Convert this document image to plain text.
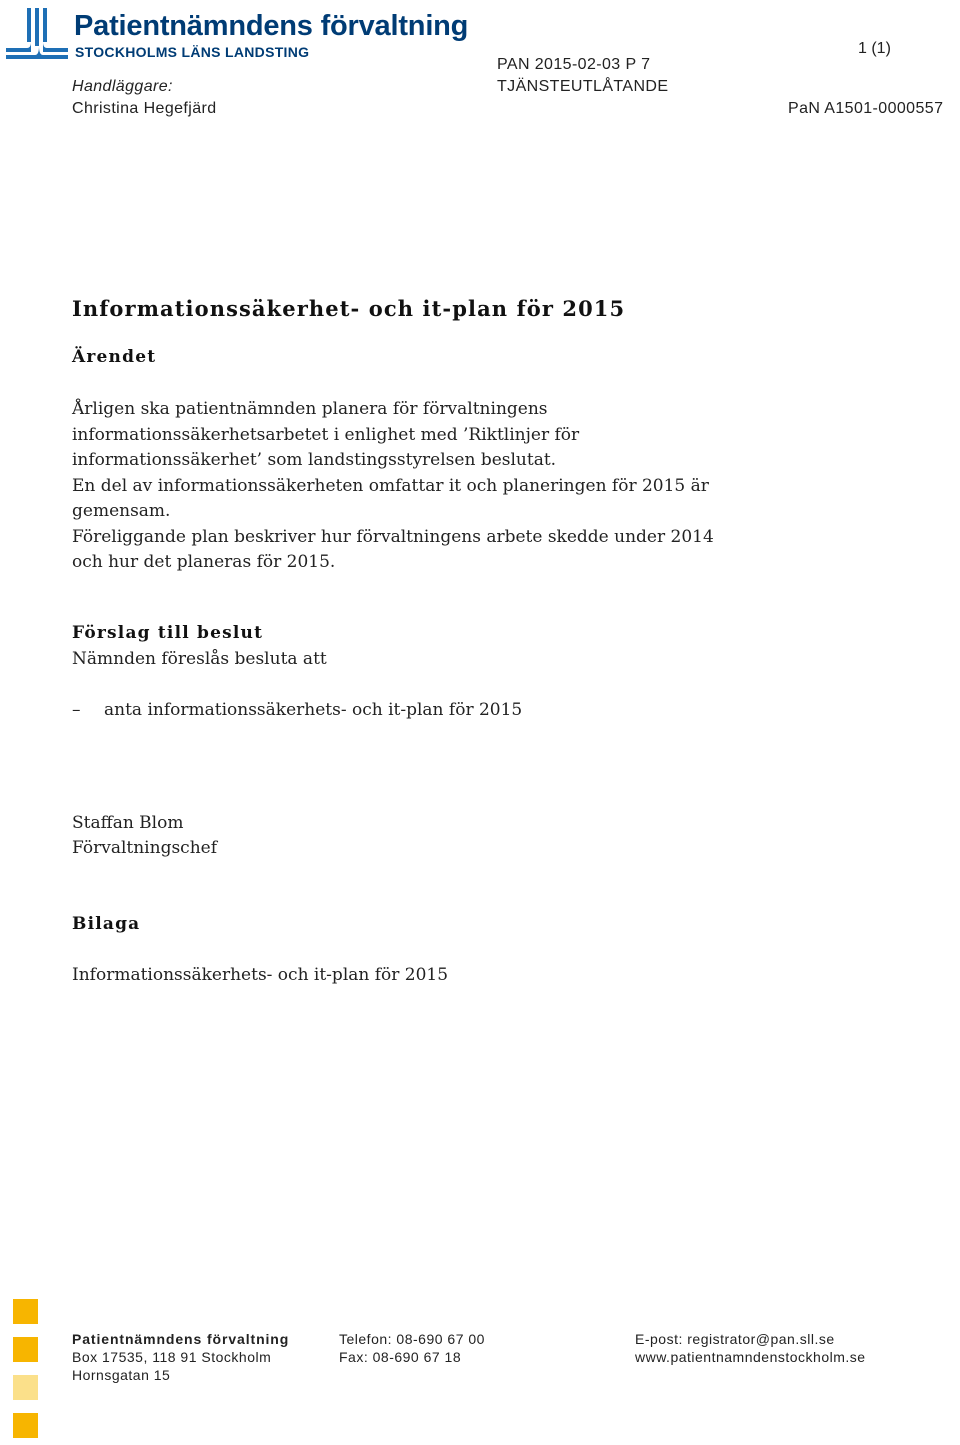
Patientnämndens förvaltning
STOCKHOLMS LÄNS LANDSTING	1 (1)
Handläggare:
Christina Hegefjärd
PAN 2015-02-03 P 7
TJÄNSTEUTLÅTANDE
PaN A1501-0000557
Informationssäkerhet- och it-plan för 2015
Ärendet
Årligen ska patientnämnden planera för förvaltningens
informationssäkerhetsarbetet i enlighet med ’Riktlinjer för
informationssäkerhet’ som landstingsstyrelsen beslutat.
En del av informationssäkerheten omfattar it och planeringen för 2015 är
gemensam.
Föreliggande plan beskriver hur förvaltningens arbete skedde under 2014
och hur det planeras för 2015.
Förslag till beslut
Nämnden föreslås besluta att
– anta informationssäkerhets- och it-plan för 2015
Staffan Blom
Förvaltningschef
Bilaga
Informationssäkerhets- och it-plan för 2015
Patientnämndens förvaltning
Box 17535, 118 91 Stockholm
Hornsgatan 15
Telefon: 08-690 67 00
Fax: 08-690 67 18
E-post: registrator@pan.sll.se
www.patientnamndenstockholm.se
